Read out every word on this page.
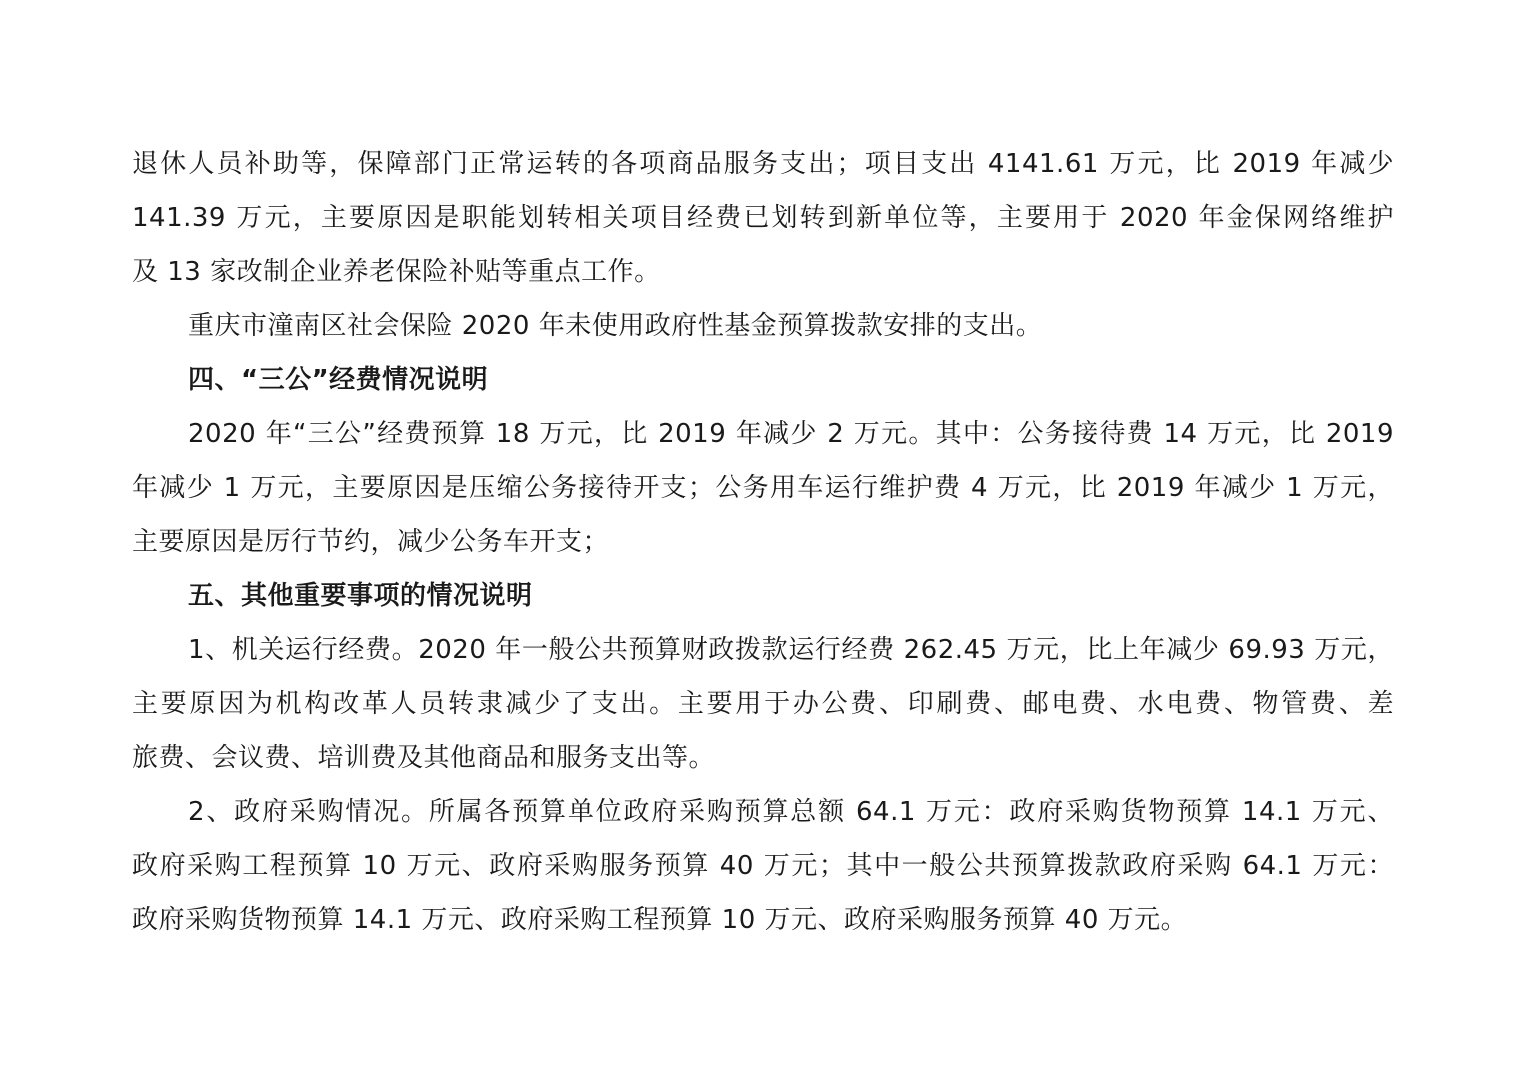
退休人员补助等，保障部门正常运转的各项商品服务支出；项目支出 4141.61 万元，比 2019 年减少
141.39 万元，主要原因是职能划转相关项目经费已划转到新单位等，主要用于 2020 年金保网络维护
及 13 家改制企业养老保险补贴等重点工作。
重庆市潼南区社会保险 2020 年未使用政府性基金预算拨款安排的支出。
四、“三公”经费情况说明
2020 年“三公”经费预算 18 万元，比 2019 年减少 2 万元。其中：公务接待费 14 万元，比 2019
年减少 1 万元，主要原因是压缩公务接待开支；公务用车运行维护费 4 万元，比 2019 年减少 1 万元，
主要原因是厉行节约，减少公务车开支；
五、其他重要事项的情况说明
1、机关运行经费。2020 年一般公共预算财政拨款运行经费 262.45 万元，比上年减少 69.93 万元，
主要原因为机构改革人员转隶减少了支出。主要用于办公费、印刷费、邮电费、水电费、物管费、差
旅费、会议费、培训费及其他商品和服务支出等。
2、政府采购情况。所属各预算单位政府采购预算总额 64.1 万元：政府采购货物预算 14.1 万元、
政府采购工程预算 10 万元、政府采购服务预算 40 万元；其中一般公共预算拨款政府采购 64.1 万元：
政府采购货物预算 14.1 万元、政府采购工程预算 10 万元、政府采购服务预算 40 万元。
